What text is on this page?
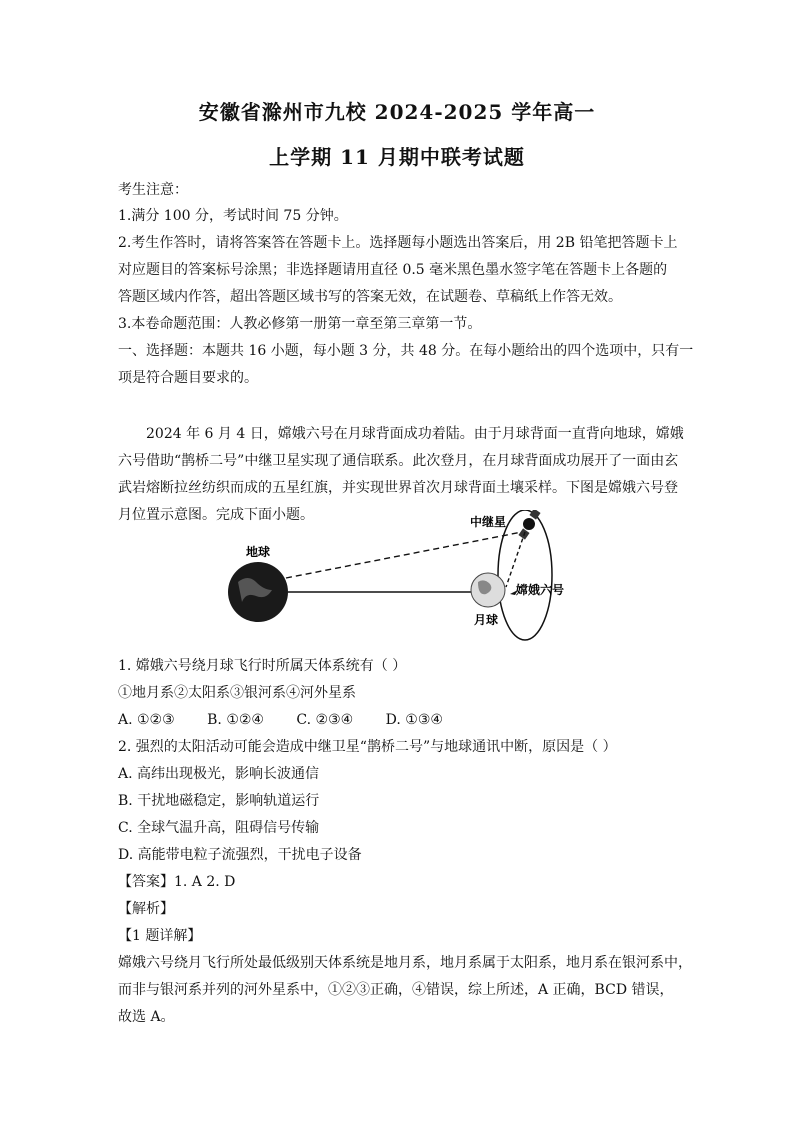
安徽省滁州市九校 2024-2025 学年高一
上学期 11 月期中联考试题
考生注意：
1.满分 100 分，考试时间 75 分钟。
2.考生作答时，请将答案答在答题卡上。选择题每小题选出答案后，用 2B 铅笔把答题卡上
对应题目的答案标号涂黑；非选择题请用直径 0.5 毫米黑色墨水签字笔在答题卡上各题的
答题区域内作答，超出答题区域书写的答案无效，在试题卷、草稿纸上作答无效。
3.本卷命题范围：人教必修第一册第一章至第三章第一节。
一、选择题：本题共 16 小题，每小题 3 分，共 48 分。在每小题给出的四个选项中，只有一
项是符合题目要求的。
2024 年 6 月 4 日，嫦娥六号在月球背面成功着陆。由于月球背面一直背向地球，嫦娥
六号借助“鹊桥二号”中继卫星实现了通信联系。此次登月，在月球背面成功展开了一面由玄
武岩熔断拉丝纺织而成的五星红旗，并实现世界首次月球背面土壤采样。下图是嫦娥六号登
月位置示意图。完成下面小题。
地球
中继星
嫦娥六号
月球
1. 嫦娥六号绕月球飞行时所属天体系统有（ ）
①地月系②太阳系③银河系④河外星系
A. ①②③ B. ①②④ C. ②③④ D. ①③④
2. 强烈的太阳活动可能会造成中继卫星“鹊桥二号”与地球通讯中断，原因是（ ）
A. 高纬出现极光，影响长波通信
B. 干扰地磁稳定，影响轨道运行
C. 全球气温升高，阻碍信号传输
D. 高能带电粒子流强烈，干扰电子设备
【答案】1. A 2. D
【解析】
【1 题详解】
嫦娥六号绕月飞行所处最低级别天体系统是地月系，地月系属于太阳系，地月系在银河系中，
而非与银河系并列的河外星系中，①②③正确，④错误，综上所述，A 正确，BCD 错误，
故选 A。
